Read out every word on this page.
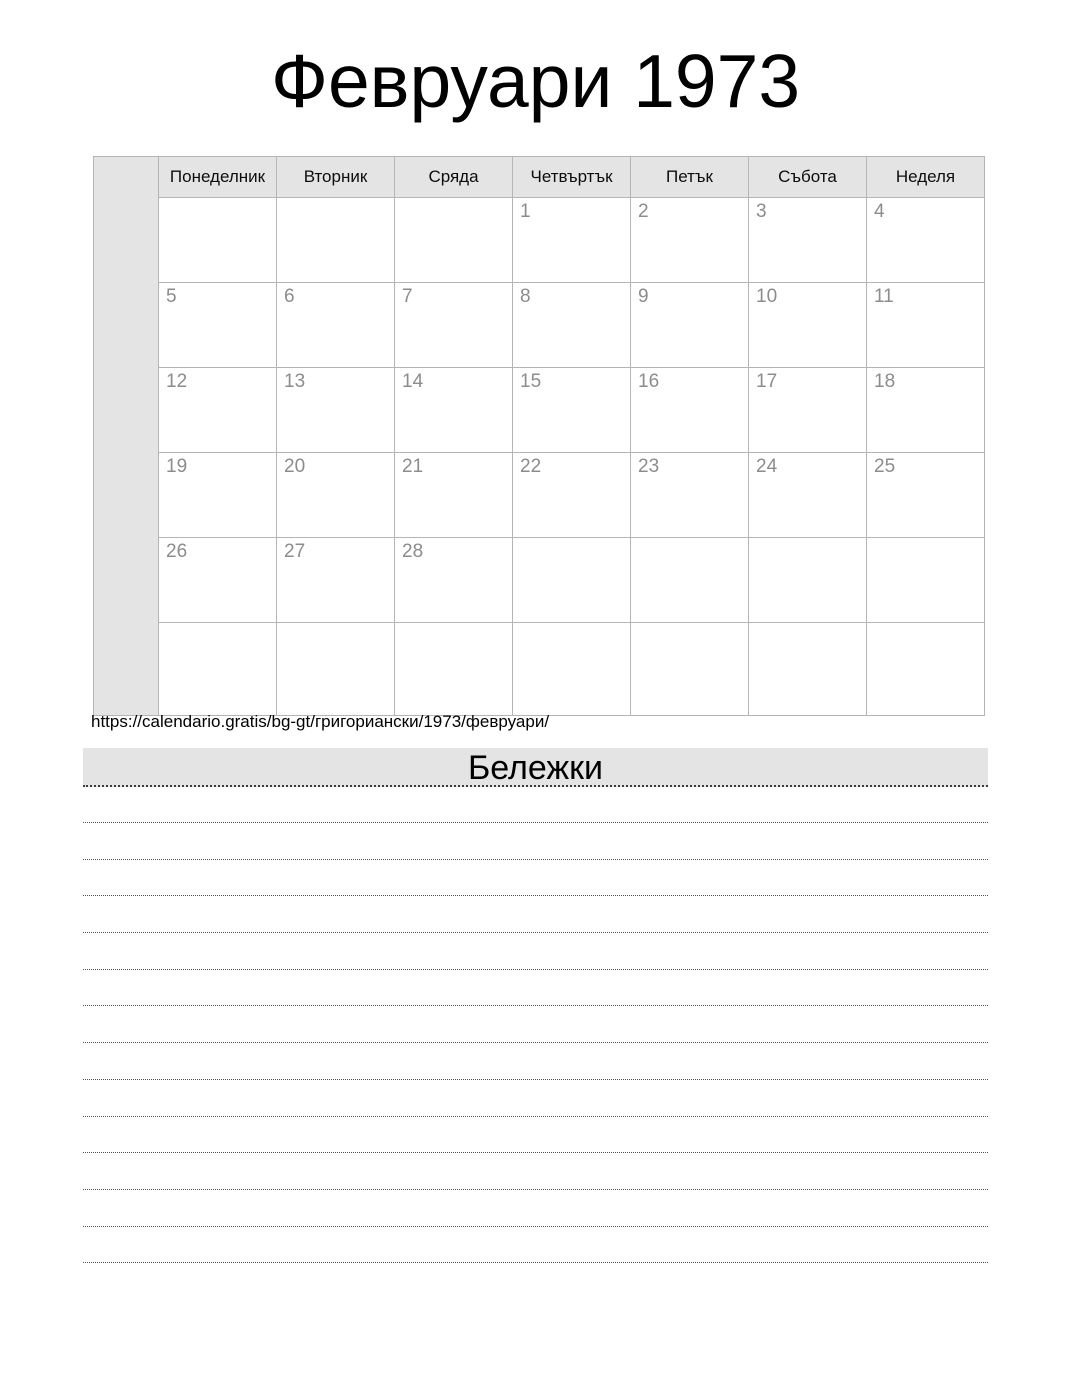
Февруари 1973
	Понеделник	Вторник	Сряда	Четвъртък	Петък	Събота	Неделя

				1	2	3	4

	5	6	7	8	9	10	11

	12	13	14	15	16	17	18

	19	20	21	22	23	24	25

	26	27	28				

https://calendario.gratis/bg-gt/григориански/1973/февруари/
Бележки
